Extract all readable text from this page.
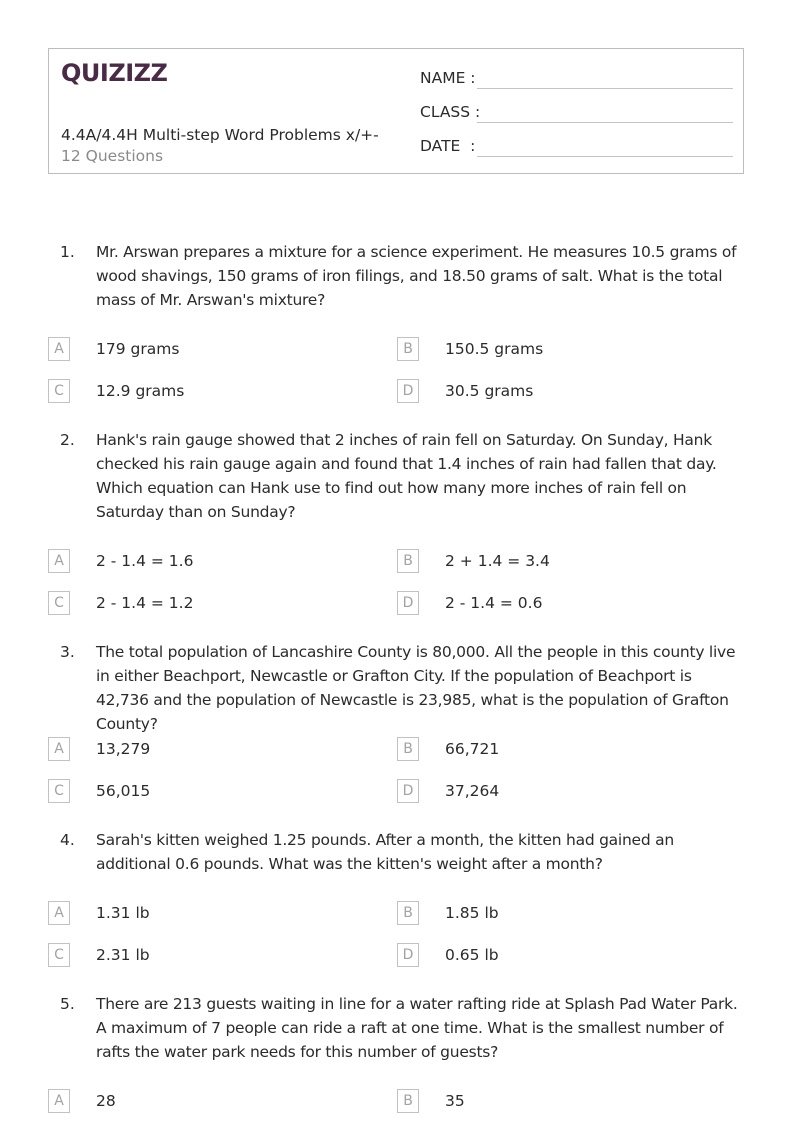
QUIZIZZ
4.4A/4.4H Multi-step Word Problems x/+-
12 Questions
NAME :
CLASS :
DATE  :
1. Mr. Arswan prepares a mixture for a science experiment. He measures 10.5 grams of wood shavings, 150 grams of iron filings, and 18.50 grams of salt. What is the total mass of Mr. Arswan's mixture?
A	179 grams	B	150.5 grams
C	12.9 grams	D	30.5 grams
2. Hank's rain gauge showed that 2 inches of rain fell on Saturday. On Sunday, Hank checked his rain gauge again and found that 1.4 inches of rain had fallen that day. Which equation can Hank use to find out how many more inches of rain fell on Saturday than on Sunday?
A	2 - 1.4 = 1.6	B	2 + 1.4 = 3.4
C	2 - 1.4 = 1.2	D	2 - 1.4 = 0.6
3. The total population of Lancashire County is 80,000. All the people in this county live in either Beachport, Newcastle or Grafton City. If the population of Beachport is 42,736 and the population of Newcastle is 23,985, what is the population of Grafton County?
A	13,279	B	66,721
C	56,015	D	37,264
4. Sarah's kitten weighed 1.25 pounds. After a month, the kitten had gained an additional 0.6 pounds. What was the kitten's weight after a month?
A	1.31 lb	B	1.85 lb
C	2.31 lb	D	0.65 lb
5. There are 213 guests waiting in line for a water rafting ride at Splash Pad Water Park. A maximum of 7 people can ride a raft at one time. What is the smallest number of rafts the water park needs for this number of guests?
A	28	B	35
